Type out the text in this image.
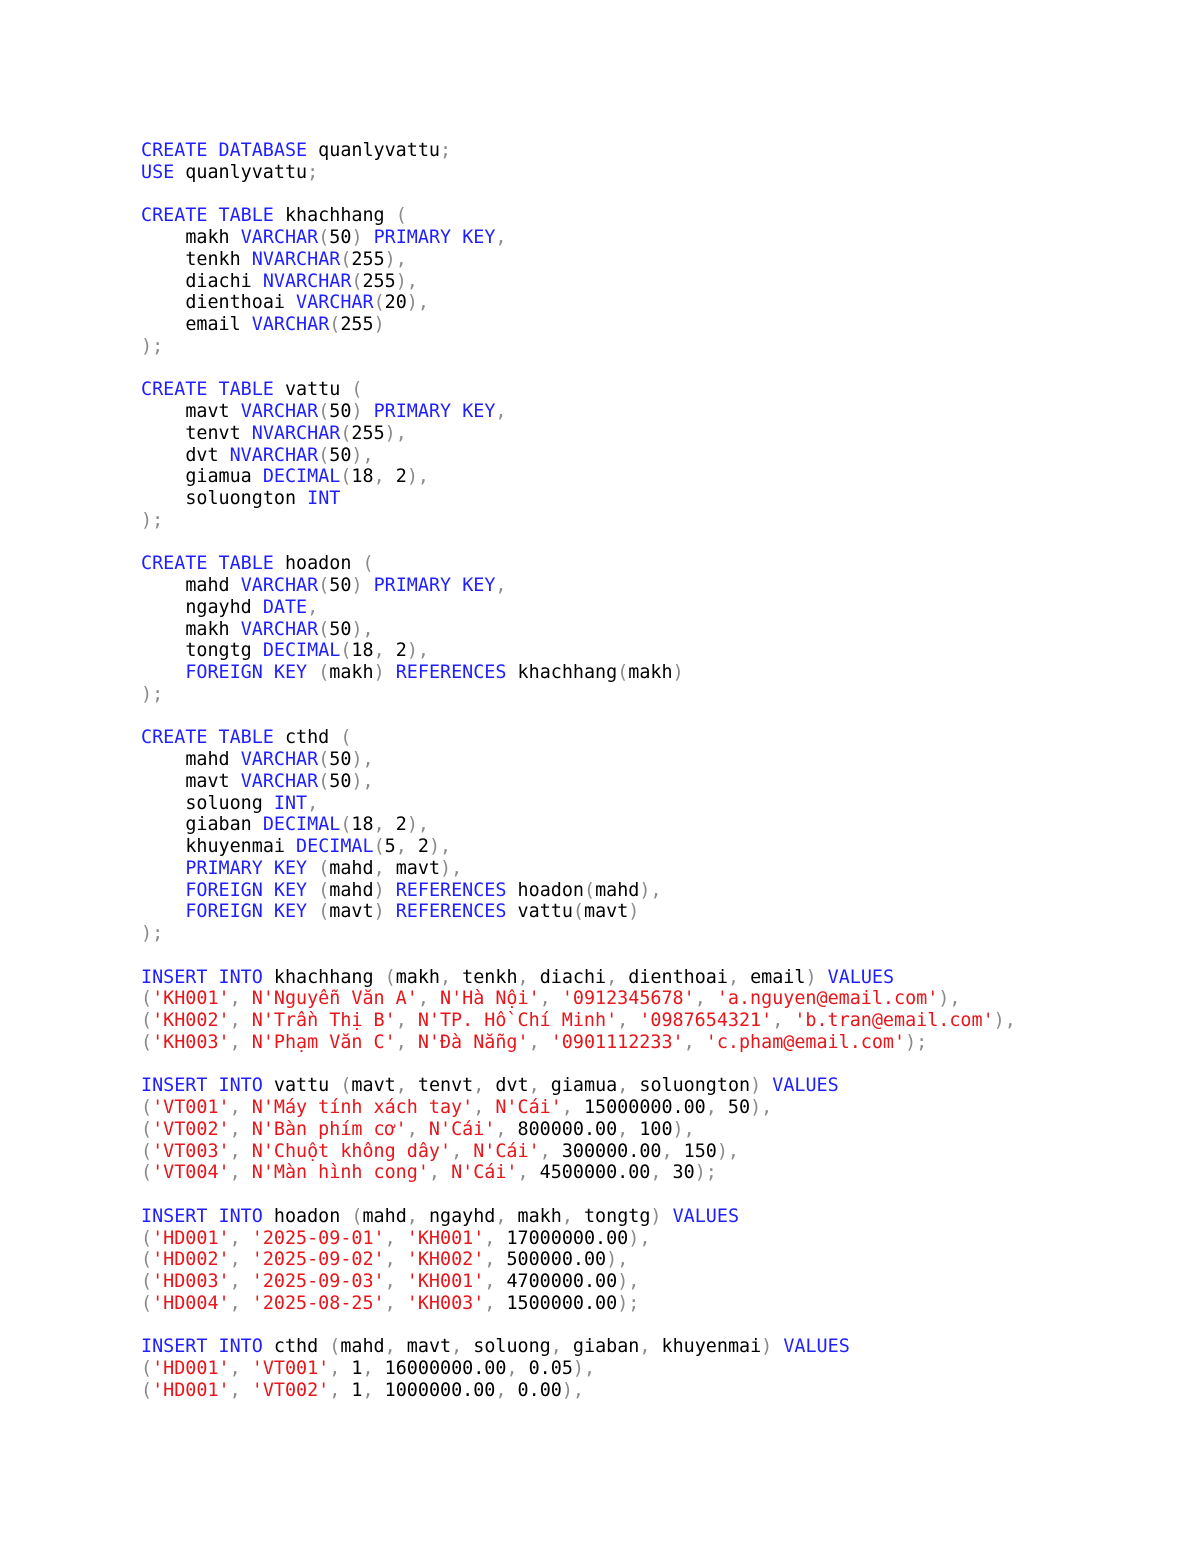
CREATE DATABASE quanlyvattu;
USE quanlyvattu;

CREATE TABLE khachhang (
makh VARCHAR(50) PRIMARY KEY,
tenkh NVARCHAR(255),
diachi NVARCHAR(255),
dienthoai VARCHAR(20),
email VARCHAR(255)
);

CREATE TABLE vattu (
mavt VARCHAR(50) PRIMARY KEY,
tenvt NVARCHAR(255),
dvt NVARCHAR(50),
giamua DECIMAL(18, 2),
soluongton INT
);

CREATE TABLE hoadon (
mahd VARCHAR(50) PRIMARY KEY,
ngayhd DATE,
makh VARCHAR(50),
tongtg DECIMAL(18, 2),
FOREIGN KEY (makh) REFERENCES khachhang(makh)
);

CREATE TABLE cthd (
mahd VARCHAR(50),
mavt VARCHAR(50),
soluong INT,
giaban DECIMAL(18, 2),
khuyenmai DECIMAL(5, 2),
PRIMARY KEY (mahd, mavt),
FOREIGN KEY (mahd) REFERENCES hoadon(mahd),
FOREIGN KEY (mavt) REFERENCES vattu(mavt)
);

INSERT INTO khachhang (makh, tenkh, diachi, dienthoai, email) VALUES
('KH001', N'Nguyễn Văn A', N'Hà Nội', '0912345678', 'a.nguyen@email.com'),
('KH002', N'Trần Thị B', N'TP. Hồ Chí Minh', '0987654321', 'b.tran@email.com'),
('KH003', N'Phạm Văn C', N'Đà Nẵng', '0901112233', 'c.pham@email.com');

INSERT INTO vattu (mavt, tenvt, dvt, giamua, soluongton) VALUES
('VT001', N'Máy tính xách tay', N'Cái', 15000000.00, 50),
('VT002', N'Bàn phím cơ', N'Cái', 800000.00, 100),
('VT003', N'Chuột không dây', N'Cái', 300000.00, 150),
('VT004', N'Màn hình cong', N'Cái', 4500000.00, 30);

INSERT INTO hoadon (mahd, ngayhd, makh, tongtg) VALUES
('HD001', '2025-09-01', 'KH001', 17000000.00),
('HD002', '2025-09-02', 'KH002', 500000.00),
('HD003', '2025-09-03', 'KH001', 4700000.00),
('HD004', '2025-08-25', 'KH003', 1500000.00);

INSERT INTO cthd (mahd, mavt, soluong, giaban, khuyenmai) VALUES
('HD001', 'VT001', 1, 16000000.00, 0.05),
('HD001', 'VT002', 1, 1000000.00, 0.00),
